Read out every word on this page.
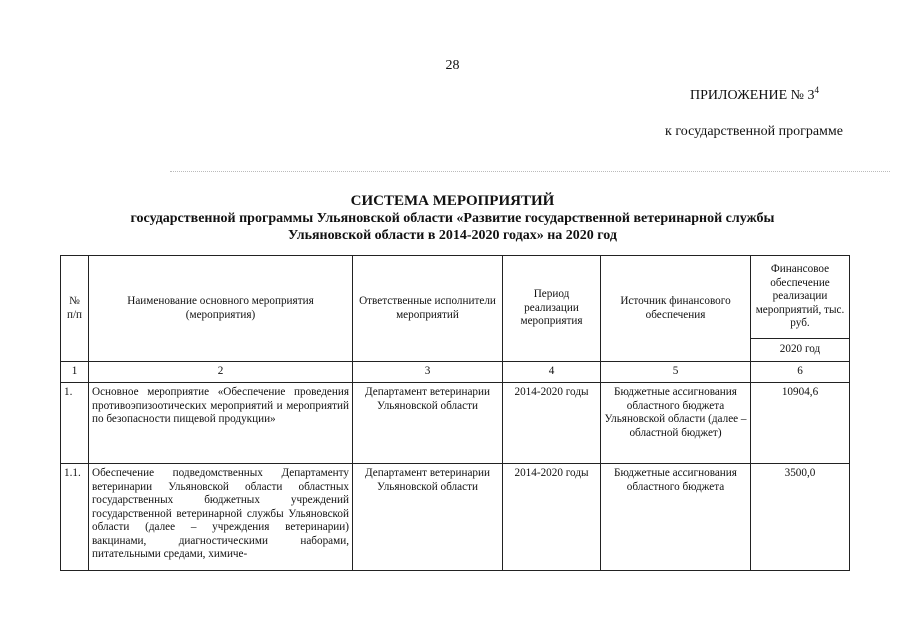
28
ПРИЛОЖЕНИЕ № $3^4$
к государственной программе
СИСТЕМА МЕРОПРИЯТИЙ
государственной программы Ульяновской области «Развитие государственной ветеринарной службы
Ульяновской области в 2014-2020 годах» на 2020 год
№ п/п	Наименование основного мероприятия (мероприятия)	Ответственные исполнители мероприятий	Период реализации мероприятия	Источник финансового обеспечения	Финансовое обеспечение реализации мероприятий, тыс. руб.
					2020 год
1	2	3	4	5	6
1.	Основное мероприятие «Обеспечение проведения противоэпизоотических мероприятий и мероприятий по безопасности пищевой продукции»	Департамент ветеринарии Ульяновской области	2014-2020 годы	Бюджетные ассигнования областного бюджета Ульяновской области (далее – областной бюджет)	10904,6
1.1.	Обеспечение подведомственных Департаменту ветеринарии Ульяновской области областных государственных бюджетных учреждений государственной ветеринарной службы Ульяновской области (далее – учреждения ветеринарии) вакцинами, диагностическими наборами, питательными средами, химиче-	Департамент ветеринарии Ульяновской области	2014-2020 годы	Бюджетные ассигнования областного бюджета	3500,0
